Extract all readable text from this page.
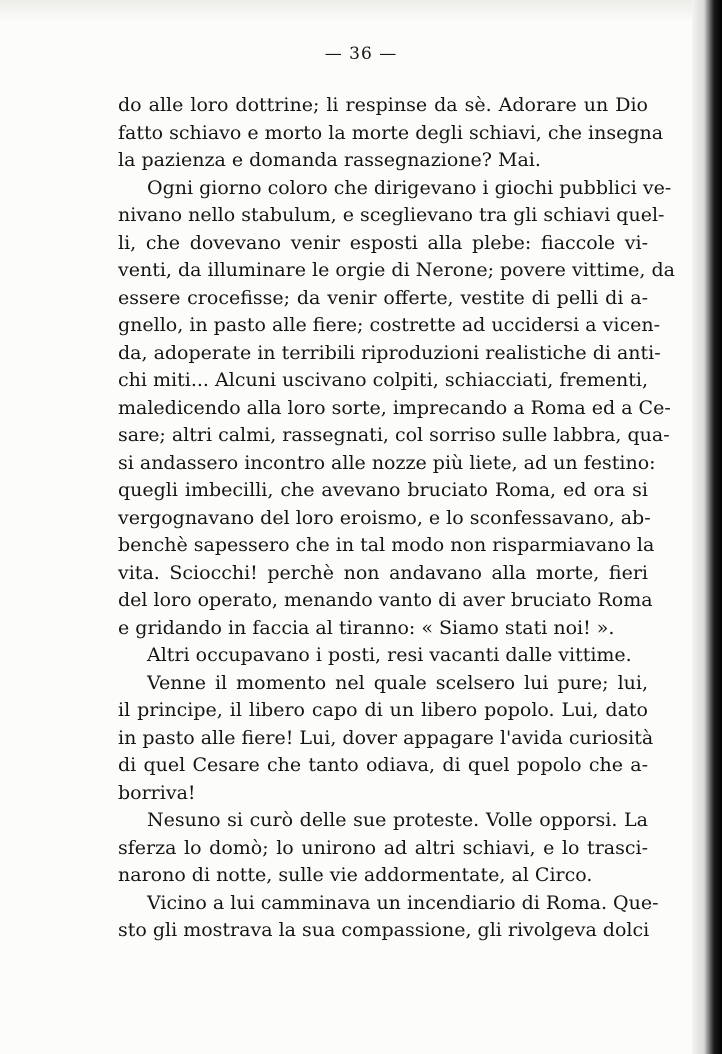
— 36 —
do alle loro dottrine; li respinse da sè. Adorare un Dio
fatto schiavo e morto la morte degli schiavi, che insegna
la pazienza e domanda rassegnazione? Mai.
Ogni giorno coloro che dirigevano i giochi pubblici ve-
nivano nello stabulum, e sceglievano tra gli schiavi quel-
li, che dovevano venir esposti alla plebe: fiaccole vi-
venti, da illuminare le orgie di Nerone; povere vittime, da
essere crocefisse; da venir offerte, vestite di pelli di a-
gnello, in pasto alle fiere; costrette ad uccidersi a vicen-
da, adoperate in terribili riproduzioni realistiche di anti-
chi miti... Alcuni uscivano colpiti, schiacciati, frementi,
maledicendo alla loro sorte, imprecando a Roma ed a Ce-
sare; altri calmi, rassegnati, col sorriso sulle labbra, qua-
si andassero incontro alle nozze più liete, ad un festino:
quegli imbecilli, che avevano bruciato Roma, ed ora si
vergognavano del loro eroismo, e lo sconfessavano, ab-
benchè sapessero che in tal modo non risparmiavano la
vita. Sciocchi! perchè non andavano alla morte, fieri
del loro operato, menando vanto di aver bruciato Roma
e gridando in faccia al tiranno: « Siamo stati noi! ».
Altri occupavano i posti, resi vacanti dalle vittime.
Venne il momento nel quale scelsero lui pure; lui,
il principe, il libero capo di un libero popolo. Lui, dato
in pasto alle fiere! Lui, dover appagare l'avida curiosità
di quel Cesare che tanto odiava, di quel popolo che a-
borriva!
Nesuno si curò delle sue proteste. Volle opporsi. La
sferza lo domò; lo unirono ad altri schiavi, e lo trasci-
narono di notte, sulle vie addormentate, al Circo.
Vicino a lui camminava un incendiario di Roma. Que-
sto gli mostrava la sua compassione, gli rivolgeva dolci
